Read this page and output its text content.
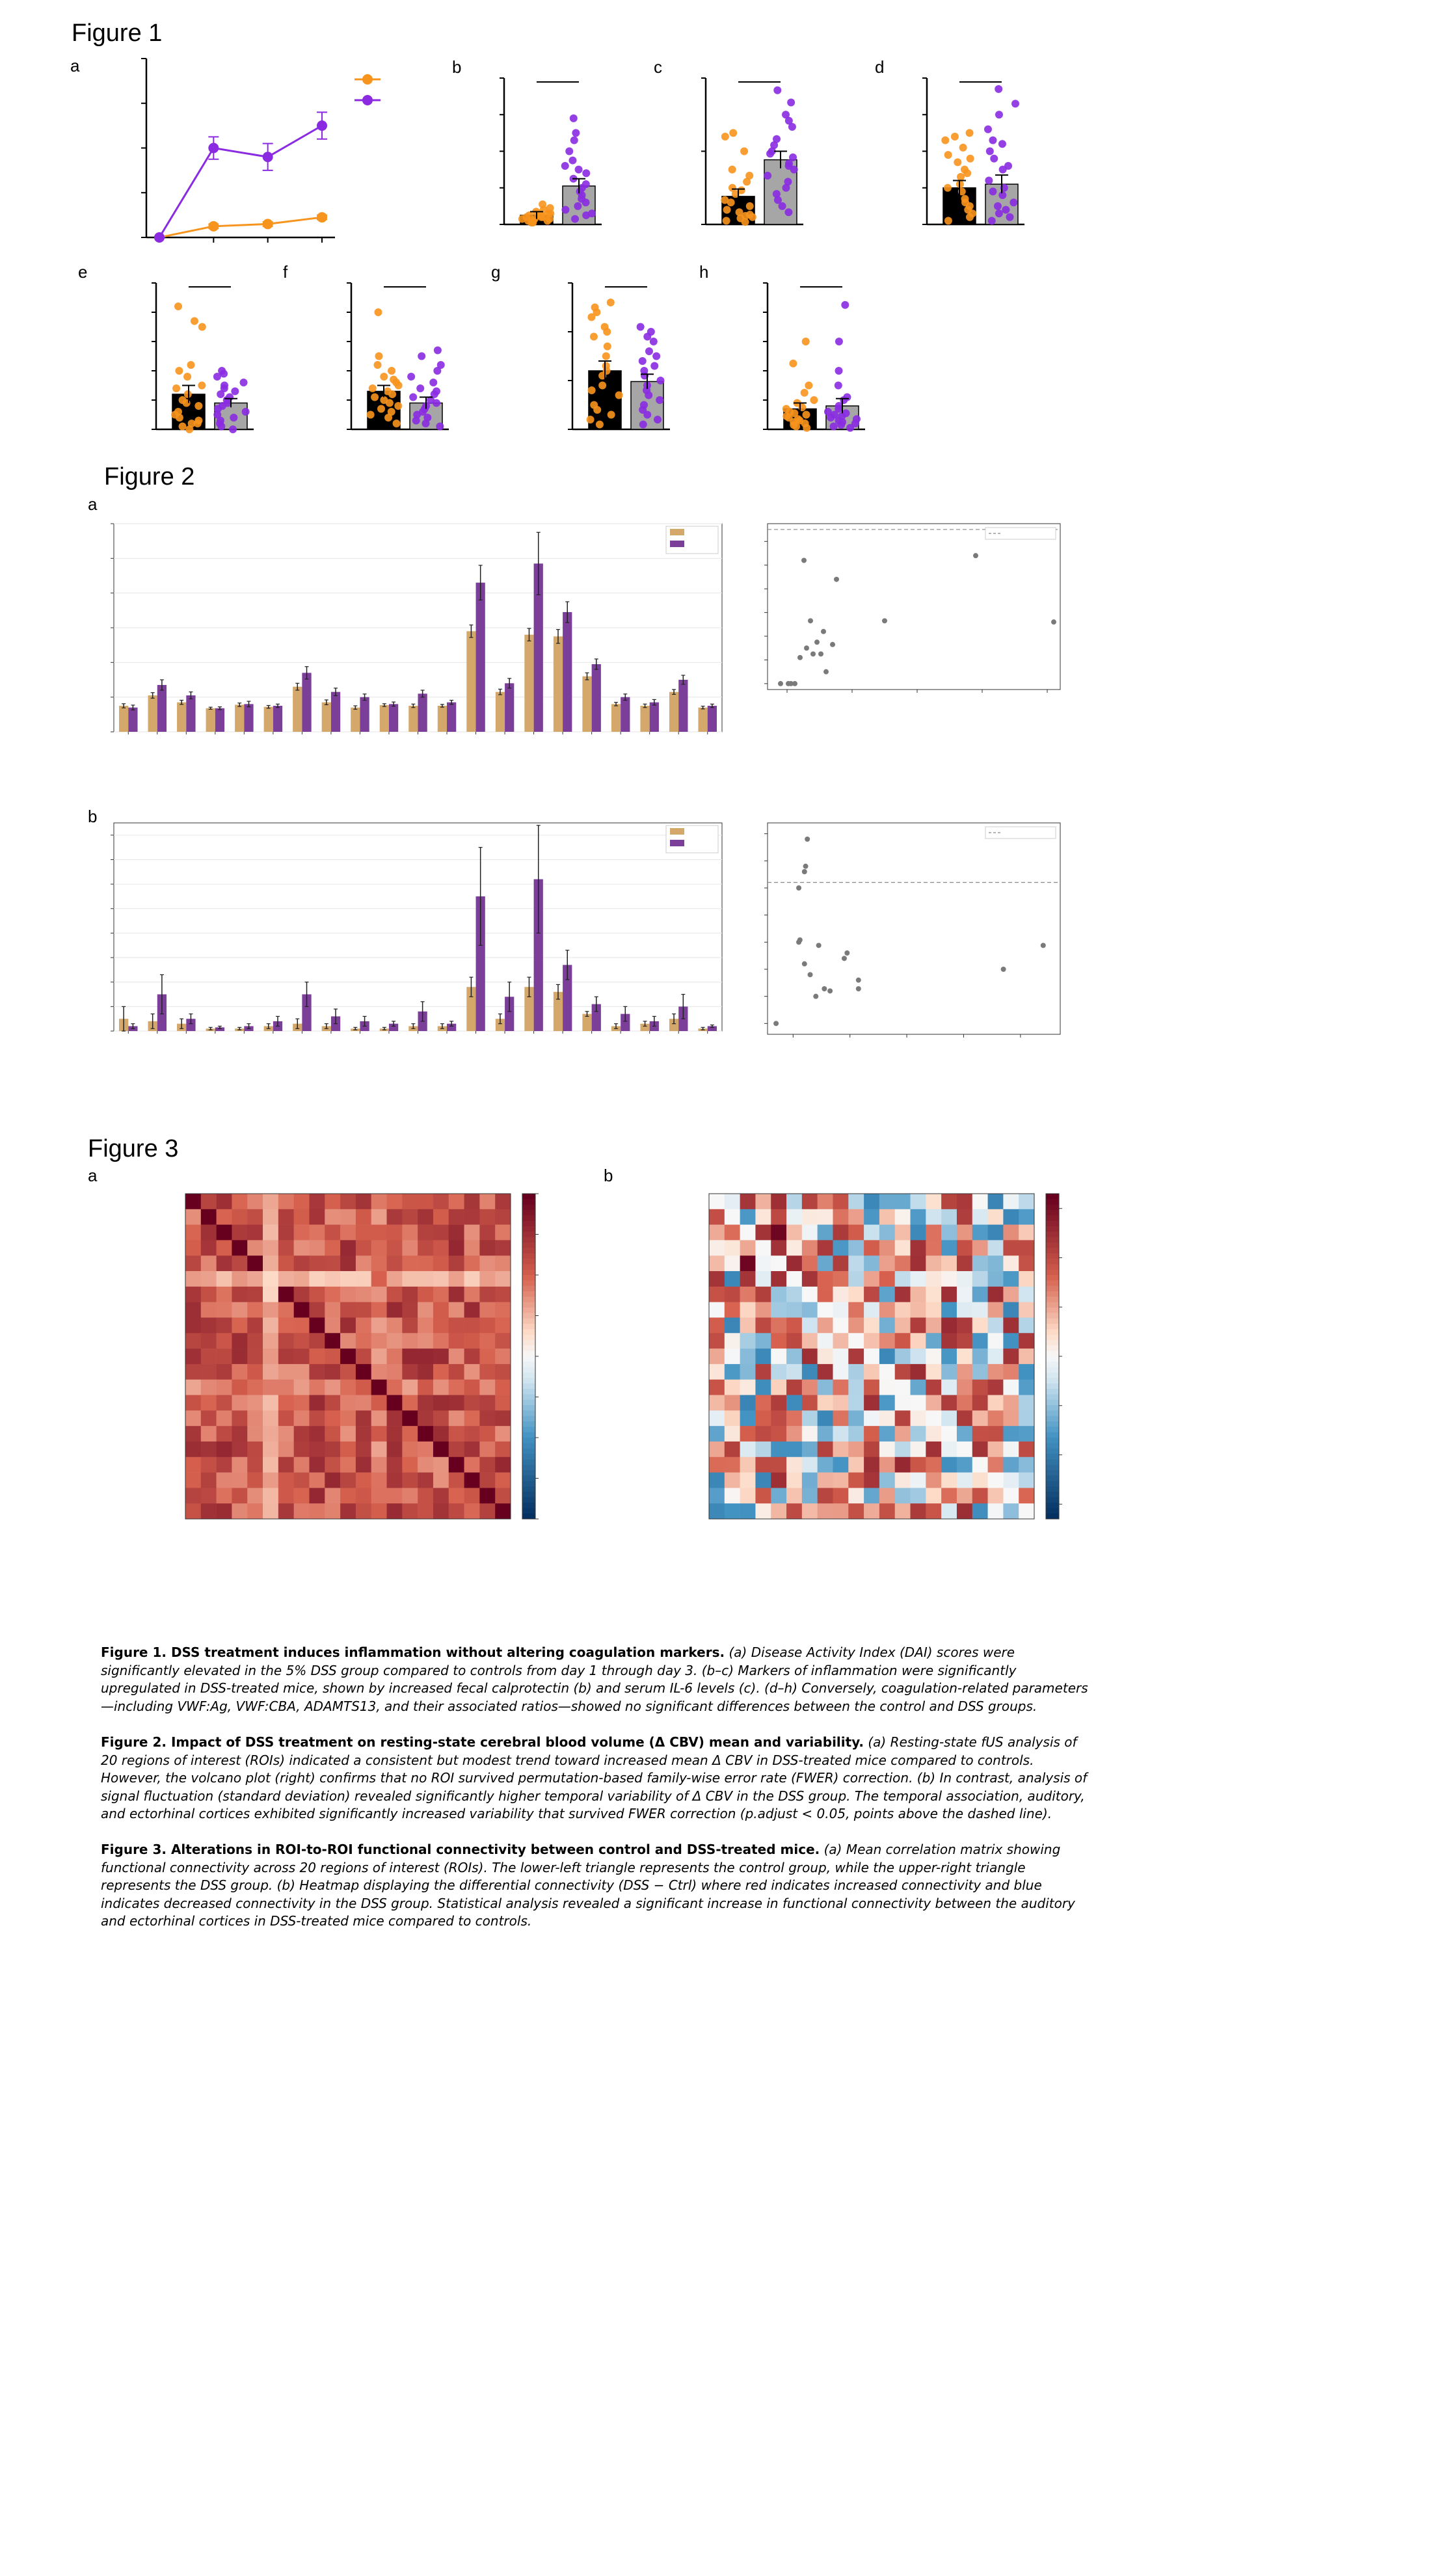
Figure 1
a	b	c	d
e	f	g	h
Figure 2
a
b
Figure 3
a	b
Figure 1. DSS treatment induces inflammation without altering coagulation markers. (a) Disease Activity Index (DAI) scores were significantly elevated in the 5% DSS group compared to controls from day 1 through day 3. (b–c) Markers of inflammation were significantly upregulated in DSS-treated mice, shown by increased fecal calprotectin (b) and serum IL-6 levels (c). (d–h) Conversely, coagulation-related parameters—including VWF:Ag, VWF:CBA, ADAMTS13, and their associated ratios—showed no significant differences between the control and DSS groups.
Figure 2. Impact of DSS treatment on resting-state cerebral blood volume (Δ CBV) mean and variability. (a) Resting-state fUS analysis of 20 regions of interest (ROIs) indicated a consistent but modest trend toward increased mean Δ CBV in DSS-treated mice compared to controls. However, the volcano plot (right) confirms that no ROI survived permutation-based family-wise error rate (FWER) correction. (b) In contrast, analysis of signal fluctuation (standard deviation) revealed significantly higher temporal variability of Δ CBV in the DSS group. The temporal association, auditory, and ectorhinal cortices exhibited significantly increased variability that survived FWER correction (p.adjust < 0.05, points above the dashed line).
Figure 3. Alterations in ROI-to-ROI functional connectivity between control and DSS-treated mice. (a) Mean correlation matrix showing functional connectivity across 20 regions of interest (ROIs). The lower-left triangle represents the control group, while the upper-right triangle represents the DSS group. (b) Heatmap displaying the differential connectivity (DSS − Ctrl) where red indicates increased connectivity and blue indicates decreased connectivity in the DSS group. Statistical analysis revealed a significant increase in functional connectivity between the auditory and ectorhinal cortices in DSS-treated mice compared to controls.
